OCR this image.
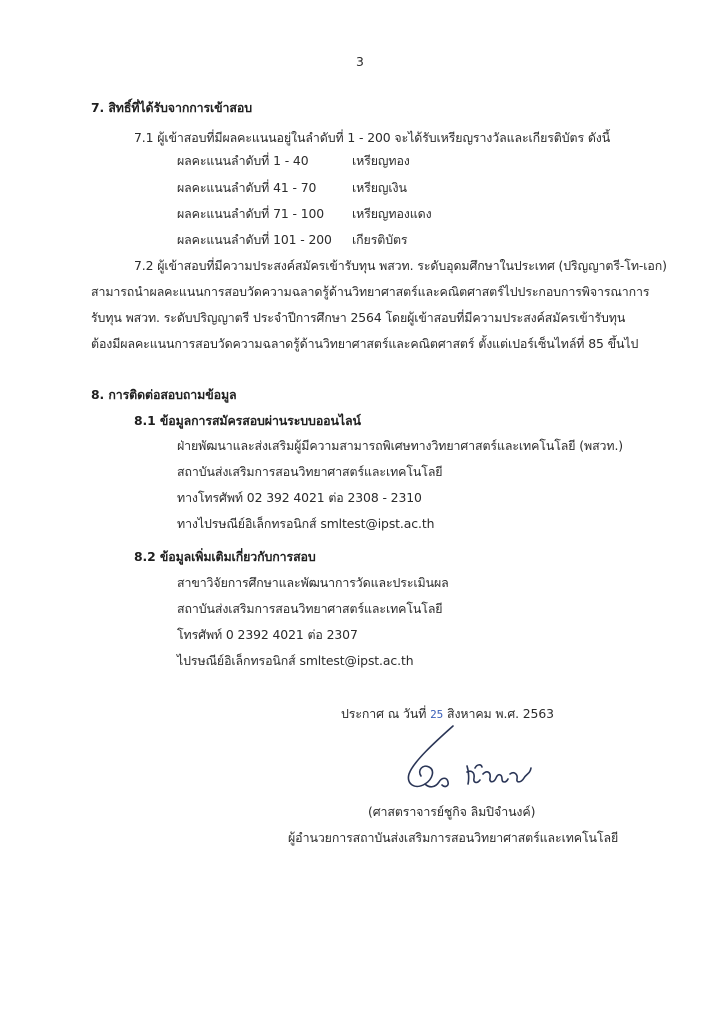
3
7. สิทธิ์ที่ได้รับจากการเข้าสอบ
7.1 ผู้เข้าสอบที่มีผลคะแนนอยู่ในลำดับที่ 1 - 200 จะได้รับเหรียญรางวัลและเกียรติบัตร ดังนี้
ผลคะแนนลำดับที่ 1 - 40	เหรียญทอง
ผลคะแนนลำดับที่ 41 - 70	เหรียญเงิน
ผลคะแนนลำดับที่ 71 - 100 เหรียญทองแดง
ผลคะแนนลำดับที่ 101 - 200 เกียรติบัตร
7.2 ผู้เข้าสอบที่มีความประสงค์สมัครเข้ารับทุน พสวท. ระดับอุดมศึกษาในประเทศ (ปริญญาตรี-โท-เอก)
สามารถนำผลคะแนนการสอบวัดความฉลาดรู้ด้านวิทยาศาสตร์และคณิตศาสตร์ไปประกอบการพิจารณาการ
รับทุน พสวท. ระดับปริญญาตรี ประจำปีการศึกษา 2564 โดยผู้เข้าสอบที่มีความประสงค์สมัครเข้ารับทุน
ต้องมีผลคะแนนการสอบวัดความฉลาดรู้ด้านวิทยาศาสตร์และคณิตศาสตร์ ตั้งแต่เปอร์เซ็นไทล์ที่ 85 ขึ้นไป
8. การติดต่อสอบถามข้อมูล
8.1 ข้อมูลการสมัครสอบผ่านระบบออนไลน์
ฝ่ายพัฒนาและส่งเสริมผู้มีความสามารถพิเศษทางวิทยาศาสตร์และเทคโนโลยี (พสวท.)
สถาบันส่งเสริมการสอนวิทยาศาสตร์และเทคโนโลยี
ทางโทรศัพท์ 02 392 4021 ต่อ 2308 - 2310
ทางไปรษณีย์อิเล็กทรอนิกส์ smltest@ipst.ac.th
8.2 ข้อมูลเพิ่มเติมเกี่ยวกับการสอบ
สาขาวิจัยการศึกษาและพัฒนาการวัดและประเมินผล
สถาบันส่งเสริมการสอนวิทยาศาสตร์และเทคโนโลยี
โทรศัพท์ 0 2392 4021 ต่อ 2307
ไปรษณีย์อิเล็กทรอนิกส์ smltest@ipst.ac.th
ประกาศ ณ วันที่ 25 สิงหาคม พ.ศ. 2563
(ศาสตราจารย์ชูกิจ ลิมปิจำนงค์)
ผู้อำนวยการสถาบันส่งเสริมการสอนวิทยาศาสตร์และเทคโนโลยี
